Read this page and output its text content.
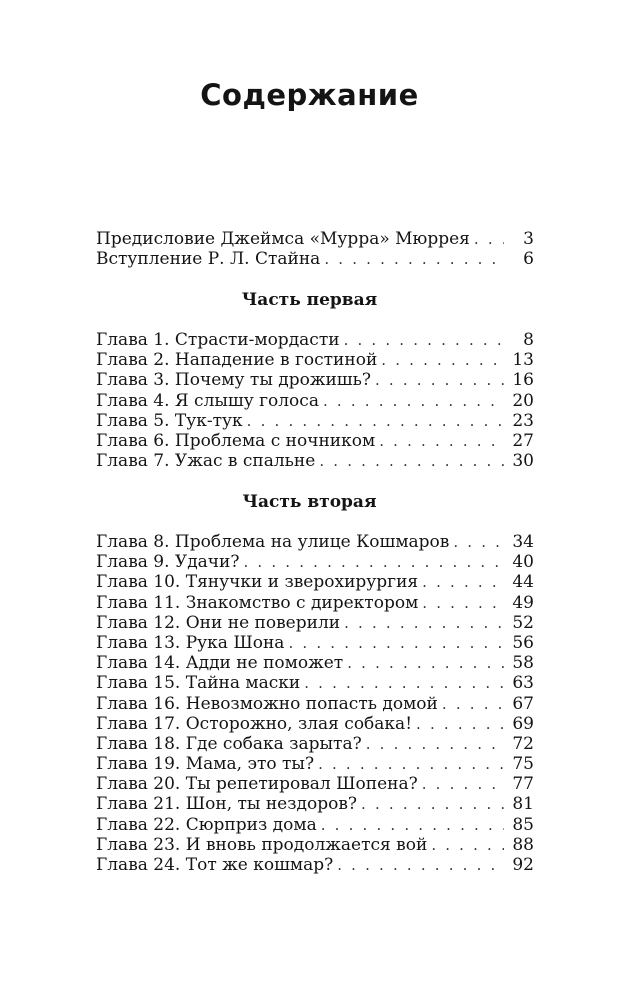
Содержание
Предисловие Джеймса «Мурра» Мюррея . . .	3
Вступление Р. Л. Стайна . . .	6
Часть первая
Глава 1. Страсти-мордасти . . .	8
Глава 2. Нападение в гостиной . . .	13
Глава 3. Почему ты дрожишь? . . .	16
Глава 4. Я слышу голоса . . .	20
Глава 5. Тук-тук . . .	23
Глава 6. Проблема с ночником . . .	27
Глава 7. Ужас в спальне . . .	30
Часть вторая
Глава 8. Проблема на улице Кошмаров . . .	34
Глава 9. Удачи? . . .	40
Глава 10. Тянучки и зверохирургия . . .	44
Глава 11. Знакомство с директором . . .	49
Глава 12. Они не поверили . . .	52
Глава 13. Рука Шона . . .	56
Глава 14. Адди не поможет . . .	58
Глава 15. Тайна маски . . .	63
Глава 16. Невозможно попасть домой . . .	67
Глава 17. Осторожно, злая собака! . . .	69
Глава 18. Где собака зарыта? . . .	72
Глава 19. Мама, это ты? . . .	75
Глава 20. Ты репетировал Шопена? . . .	77
Глава 21. Шон, ты нездоров? . . .	81
Глава 22. Сюрприз дома . . .	85
Глава 23. И вновь продолжается вой . . .	88
Глава 24. Тот же кошмар? . . .	92
